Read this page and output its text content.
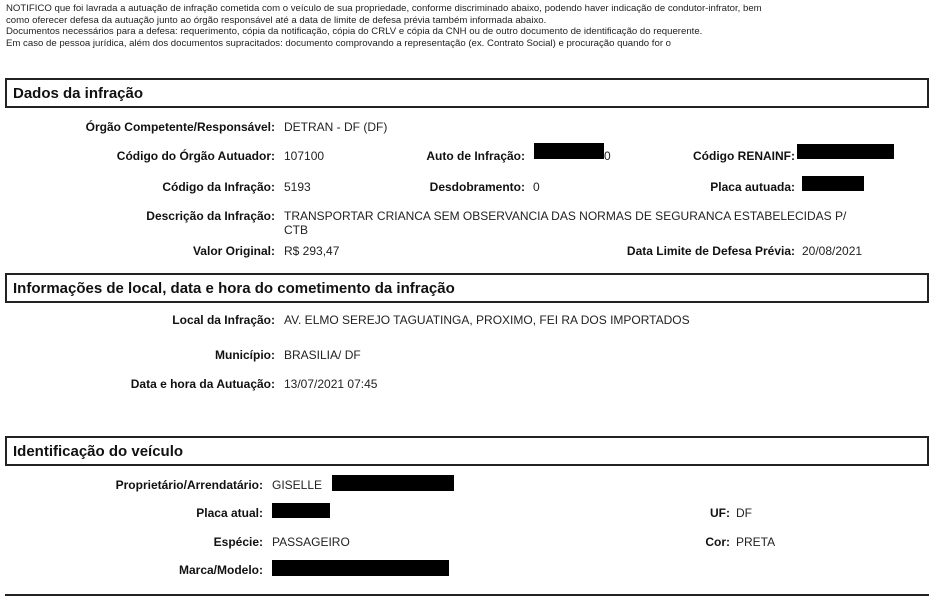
NOTIFICO que foi lavrada a autuação de infração cometida com o veículo de sua propriedade, conforme discriminado abaixo, podendo haver indicação de condutor-infrator, bem

como oferecer defesa da autuação junto ao órgão responsável até a data de limite de defesa prévia também informada abaixo.

Documentos necessários para a defesa: requerimento, cópia da notificação, cópia do CRLV e cópia da CNH ou de outro documento de identificação do requerente.

Em caso de pessoa jurídica, além dos documentos supracitados: documento comprovando a representação (ex. Contrato Social) e procuração quando for o

Dados da infração
Órgão Competente/Responsável: DETRAN - DF (DF)
Código do Órgão Autuador: 107100	Auto de Infração:	0	Código RENAINF:
Código da Infração: 5193	Desdobramento: 0	Placa autuada:
Descrição da Infração: TRANSPORTAR CRIANCA SEM OBSERVANCIA DAS NORMAS DE SEGURANCA ESTABELECIDAS P/
CTB
Valor Original: R$ 293,47	Data Limite de Defesa Prévia: 20/08/2021
Informações de local, data e hora do cometimento da infração
Local da Infração: AV. ELMO SEREJO TAGUATINGA, PROXIMO, FEI RA DOS IMPORTADOS
Município: BRASILIA/ DF
Data e hora da Autuação: 13/07/2021 07:45
Identificação do veículo
Proprietário/Arrendatário: GISELLE
Placa atual:	UF: DF
Espécie: PASSAGEIRO	Cor: PRETA
Marca/Modelo:
